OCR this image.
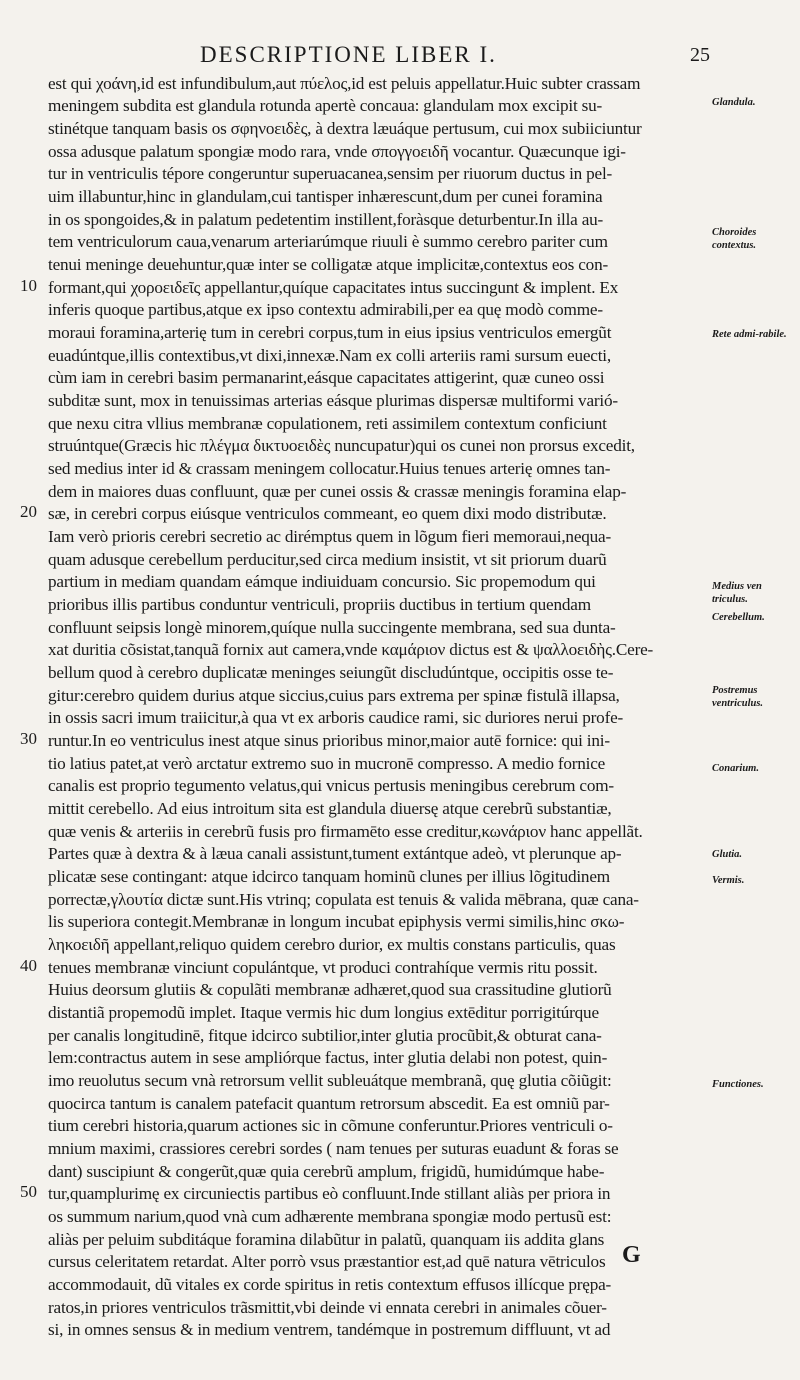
DESCRIPTIONE LIBER I.	25
est qui χοάνη,id est infundibulum,aut πύελος,id est peluis appellatur.Huic subter crassam
meningem subdita est glandula rotunda apertè concaua: glandulam mox excipit su-
stinétque tanquam basis os σφηνοειδὲς, à dextra læuáque pertusum, cui mox subiiciuntur
ossa adusque palatum spongiæ modo rara, vnde σπογγοειδῆ vocantur. Quæcunque igi-
tur in ventriculis tépore congeruntur superuacanea,sensim per riuorum ductus in pel-
uim illabuntur,hinc in glandulam,cui tantisper inhærescunt,dum per cunei foramina
in os spongoides,& in palatum pedetentim instillent,foràsque deturbentur.In illa au-
tem ventriculorum caua,venarum arteriarúmque riuuli è summo cerebro pariter cum
tenui meninge deuehuntur,quæ inter se colligatæ atque implicitæ,contextus eos con-
formant,qui χοροειδεῖς appellantur,quíque capacitates intus succingunt & implent. Ex
inferis quoque partibus,atque ex ipso contextu admirabili,per ea quę modò comme-
moraui foramina,arterię tum in cerebri corpus,tum in eius ipsius ventriculos emergũt
euadúntque,illis contextibus,vt dixi,innexæ.Nam ex colli arteriis rami sursum euecti,
cùm iam in cerebri basim permanarint,eásque capacitates attigerint, quæ cuneo ossi
subditæ sunt, mox in tenuissimas arterias eásque plurimas dispersæ multiformi varió-
que nexu citra vllius membranæ copulationem, reti assimilem contextum conficiunt
struúntque(Græcis hic πλέγμα δικτυοειδὲς nuncupatur)qui os cunei non prorsus excedit,
sed medius inter id & crassam meningem collocatur.Huius tenues arterię omnes tan-
dem in maiores duas confluunt, quæ per cunei ossis & crassæ meningis foramina elap-
sæ, in cerebri corpus eiúsque ventriculos commeant, eo quem dixi modo distributæ.
Iam verò prioris cerebri secretio ac dirémptus quem in lõgum fieri memoraui,nequa-
quam adusque cerebellum perducitur,sed circa medium insistit, vt sit priorum duarũ
partium in mediam quandam eámque indiuiduam concursio. Sic propemodum qui
prioribus illis partibus conduntur ventriculi, propriis ductibus in tertium quendam
confluunt seipsis longè minorem,quíque nulla succingente membrana, sed sua dunta-
xat duritia cõsistat,tanquã fornix aut camera,vnde καμάριον dictus est & ψαλλοειδὴς.Cere-
bellum quod à cerebro duplicatæ meninges seiungũt discludúntque, occipitis osse te-
gitur:cerebro quidem durius atque siccius,cuius pars extrema per spinæ fistulã illapsa,
in ossis sacri imum traiicitur,à qua vt ex arboris caudice rami, sic duriores nerui profe-
runtur.In eo ventriculus inest atque sinus prioribus minor,maior autē fornice: qui ini-
tio latius patet,at verò arctatur extremo suo in mucronē compresso. A medio fornice
canalis est proprio tegumento velatus,qui vnicus pertusis meningibus cerebrum com-
mittit cerebello. Ad eius introitum sita est glandula diuersę atque cerebrũ substantiæ,
quæ venis & arteriis in cerebrũ fusis pro firmamēto esse creditur,κωνάριον hanc appellãt.
Partes quæ à dextra & à læua canali assistunt,tument extántque adeò, vt plerunque ap-
plicatæ sese contingant: atque idcirco tanquam hominũ clunes per illius lõgitudinem
porrectæ,γλουτία dictæ sunt.His vtrinq; copulata est tenuis & valida mēbrana, quæ cana-
lis superiora contegit.Membranæ in longum incubat epiphysis vermi similis,hinc σκω-
ληκοειδῆ appellant,reliquo quidem cerebro durior, ex multis constans particulis, quas
tenues membranæ vinciunt copulántque, vt produci contrahíque vermis ritu possit.
Huius deorsum glutiis & copulãti membranæ adhæret,quod sua crassitudine glutiorũ
distantiã propemodũ implet. Itaque vermis hic dum longius extēditur porrigitúrque
per canalis longitudinē, fitque idcirco subtilior,inter glutia procũbit,& obturat cana-
lem:contractus autem in sese ampliórque factus, inter glutia delabi non potest, quin-
imo reuolutus secum vnà retrorsum vellit subleuátque membranã, quę glutia cõiũgit:
quocirca tantum is canalem patefacit quantum retrorsum abscedit. Ea est omniũ par-
tium cerebri historia,quarum actiones sic in cõmune conferuntur.Priores ventriculi o-
mnium maximi, crassiores cerebri sordes ( nam tenues per suturas euadunt & foras se
dant) suscipiunt & congerũt,quæ quia cerebrũ amplum, frigidũ, humidúmque habe-
tur,quamplurimę ex circuniectis partibus eò confluunt.Inde stillant aliàs per priora in
os summum narium,quod vnà cum adhærente membrana spongiæ modo pertusũ est:
aliàs per peluim subditáque foramina dilabũtur in palatũ, quanquam iis addita glans
cursus celeritatem retardat. Alter porrò vsus præstantior est,ad quē natura vētriculos
accommodauit, dũ vitales ex corde spiritus in retis contextum effusos illícque prępa-
ratos,in priores ventriculos trãsmittit,vbi deinde vi ennata cerebri in animales cõuer-
si, in omnes sensus & in medium ventrem, tandémque in postremum diffluunt, vt ad
10
20
30
40
50
Glandula.
Choroides contextus.
Rete admi-rabile.
Medius ven triculus.
Cerebellum.
Postremus ventriculus.
Conarium.
Glutia.
Vermis.
Functiones.
G
